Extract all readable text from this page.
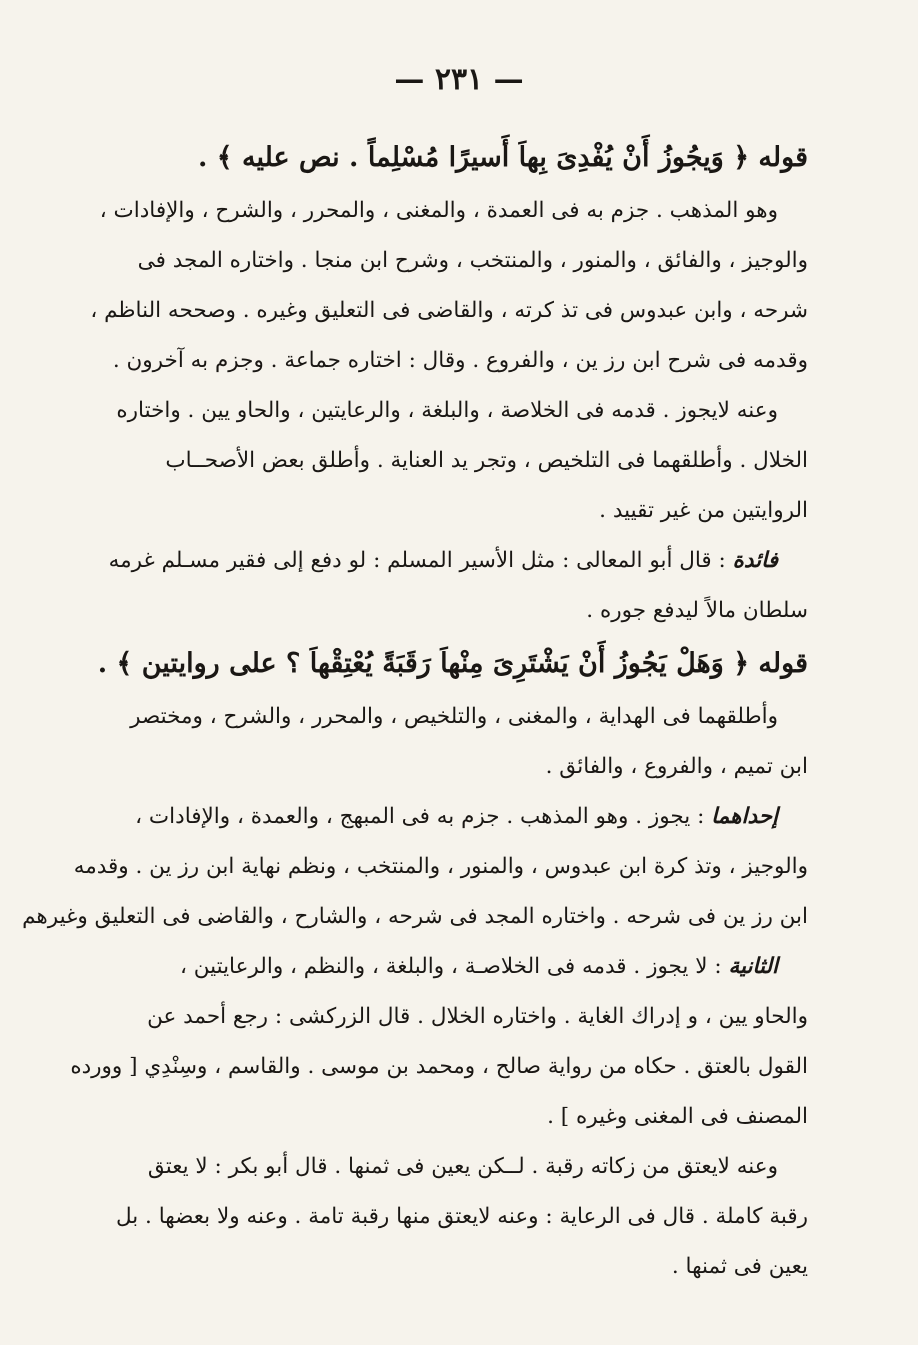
— ٢٣١ —

قوله ﴿ وَيجُوزُ أَنْ يُفْدِىَ بِهاَ أَسيرًا مُسْلِماً . نص عليه ﴾ .

وهو المذهب . جزم به فى العمدة ، والمغنى ، والمحرر ، والشرح ، والإفادات ،

والوجيز ، والفائق ، والمنور ، والمنتخب ، وشرح ابن منجا . واختاره المجد فى

شرحه ، وابن عبدوس فى تذ كرته ، والقاضى فى التعليق وغيره . وصححه الناظم ،

وقدمه فى شرح ابن رز ين ، والفروع . وقال : اختاره جماعة . وجزم به آخرون .

وعنه لايجوز . قدمه فى الخلاصة ، والبلغة ، والرعايتين ، والحاو يين . واختاره

الخلال . وأطلقهما فى التلخيص ، وتجر يد العناية . وأطلق بعض الأصحــاب

الروايتين من غير تقييد .

فائدة : قال أبو المعالى : مثل الأسير المسلم : لو دفع إلى فقير مسـلم غرمه

سلطان مالاً ليدفع جوره .

قوله ﴿ وَهَلْ يَجُوزُ أَنْ يَشْتَرِىَ مِنْهاَ رَقَبَةً يُعْتِقْهاَ ؟ على روايتين ﴾ .

وأطلقهما فى الهداية ، والمغنى ، والتلخيص ، والمحرر ، والشرح ، ومختصر

ابن تميم ، والفروع ، والفائق .

إحداهما : يجوز . وهو المذهب . جزم به فى المبهج ، والعمدة ، والإفادات ،

والوجيز ، وتذ كرة ابن عبدوس ، والمنور ، والمنتخب ، ونظم نهاية ابن رز ين . وقدمه

ابن رز ين فى شرحه . واختاره المجد فى شرحه ، والشارح ، والقاضى فى التعليق وغيرهم

الثانية : لا يجوز . قدمه فى الخلاصـة ، والبلغة ، والنظم ، والرعايتين ،

والحاو يين ، و إدراك الغاية . واختاره الخلال . قال الزركشى : رجع أحمد عن

القول بالعتق . حكاه من رواية صالح ، ومحمد بن موسى . والقاسم ، وسِنْدِي [ وورده

المصنف فى المغنى وغيره ] .

وعنه لايعتق من زكاته رقبة . لــكن يعين فى ثمنها . قال أبو بكر : لا يعتق

رقبة كاملة . قال فى الرعاية : وعنه لايعتق منها رقبة تامة . وعنه ولا بعضها . بل

يعين فى ثمنها .
